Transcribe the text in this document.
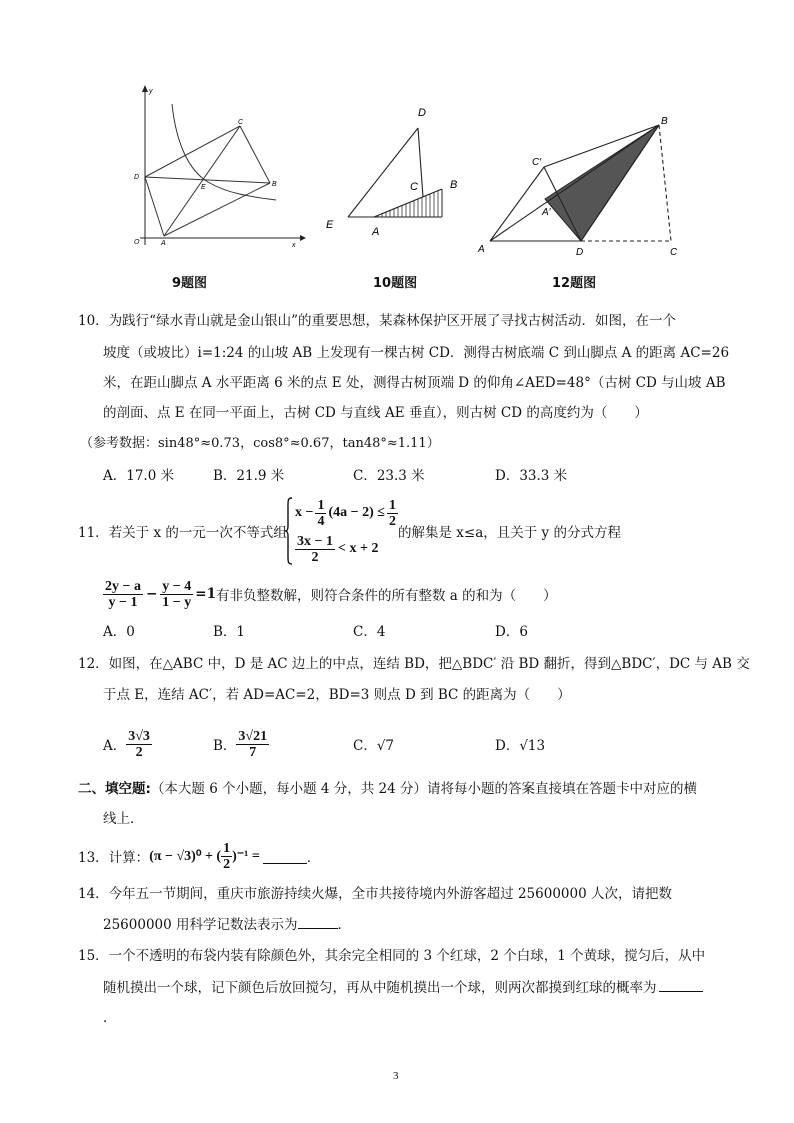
y
x
O	A
B
C
D
E
9题图
D
C	B
E
A
10题图
B
C′
A′
A	D	C
12题图
10．为践行“绿水青山就是金山银山”的重要思想，某森林保护区开展了寻找古树活动．如图，在一个
坡度（或坡比）i=1:24 的山坡 AB 上发现有一棵古树 CD．测得古树底端 C 到山脚点 A 的距离 AC=26
米，在距山脚点 A 水平距离 6 米的点 E 处，测得古树顶端 D 的仰角∠AED=48°（古树 CD 与山坡 AB
的剖面、点 E 在同一平面上，古树 CD 与直线 AE 垂直），则古树 CD 的高度约为（　　）
（参考数据：sin48°≈0.73，cos8°≈0.67，tan48°≈1.11）
A．17.0 米	B．21.9 米	C．23.3 米	D．33.3 米
11．若关于 x 的一元一次不等式组
$x - \frac{1}{4} (4a - 2) \le \frac{1}{2}$
$\frac{3x - 1}{2} < x + 2$
的解集是 x≤a，且关于 y 的分式方程
$\frac{2y - a}{y - 1} - \frac{y - 4}{1 - y} =1$ 有非负整数解，则符合条件的所有整数 a 的和为（　　）
A．0	B．1	C．4	D．6
12．如图，在△ABC 中，D 是 AC 边上的中点，连结 BD，把△BDC′ 沿 BD 翻折，得到△BDC′，DC 与 AB 交
于点 E，连结 AC′，若 AD=AC=2，BD=3 则点 D 到 BC 的距离为（　　）
A． $\frac{3√3}{2}$	B． $\frac{3√21}{7}$	C．√7	D．√13
二、填空题:（本大题 6 个小题，每小题 4 分，共 24 分）请将每小题的答案直接填在答题卡中对应的横
线上．
13．计算： (π − √3)⁰ + ( $\frac{1}{2} )^{-1}$ =	．
14．今年五一节期间，重庆市旅游持续火爆，全市共接待境内外游客超过 25600000 人次，请把数
25600000 用科学记数法表示为	．
15．一个不透明的布袋内装有除颜色外，其余完全相同的 3 个红球，2 个白球，1 个黄球，搅匀后，从中
随机摸出一个球，记下颜色后放回搅匀，再从中随机摸出一个球，则两次都摸到红球的概率为
．
3
